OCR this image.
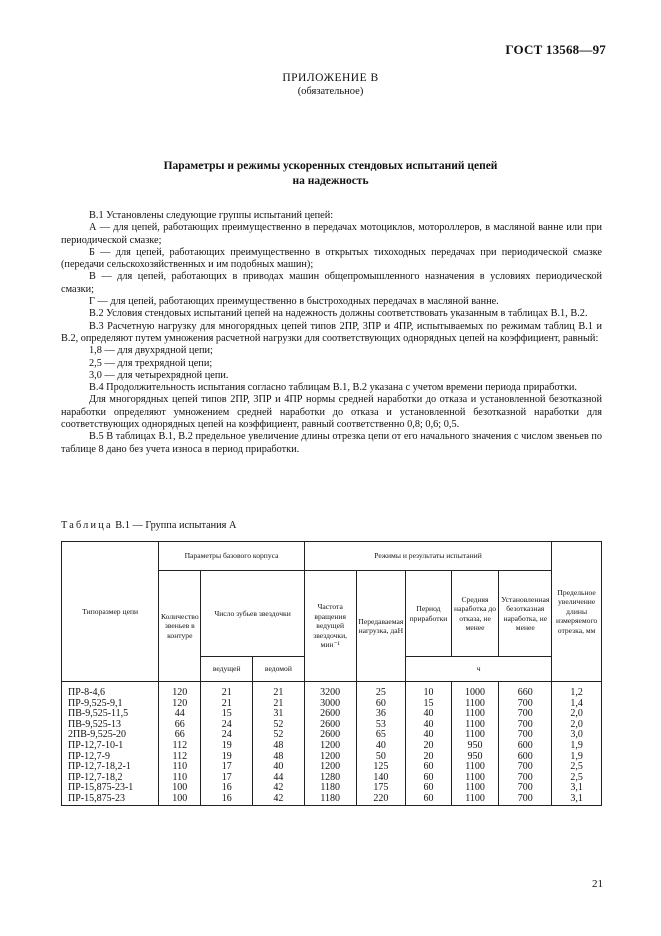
ГОСТ 13568—97
ПРИЛОЖЕНИЕ В
(обязательное)
Параметры и режимы ускоренных стендовых испытаний цепей
на надежность

В.1 Установлены следующие группы испытаний цепей:

А — для цепей, работающих преимущественно в передачах мотоциклов, мотороллеров, в масляной ванне или при периодической смазке;

Б — для цепей, работающих преимущественно в открытых тихоходных передачах при периодической смазке (передачи сельскохозяйственных и им подобных машин);

В — для цепей, работающих в приводах машин общепромышленного назначения в условиях периодической смазки;

Г — для цепей, работающих преимущественно в быстроходных передачах в масляной ванне.

В.2 Условия стендовых испытаний цепей на надежность должны соответствовать указанным в таблицах В.1, В.2.

В.3 Расчетную нагрузку для многорядных цепей типов 2ПР, 3ПР и 4ПР, испытываемых по режимам таблиц В.1 и В.2, определяют путем умножения расчетной нагрузки для соответствующих однорядных цепей на коэффициент, равный:

1,8 — для двухрядной цепи;

2,5 — для трехрядной цепи;

3,0 — для четырехрядной цепи.

В.4 Продолжительность испытания согласно таблицам В.1, В.2 указана с учетом времени периода приработки.

Для многорядных цепей типов 2ПР, 3ПР и 4ПР нормы средней наработки до отказа и установленной безотказной наработки определяют умножением средней наработки до отказа и установленной безотказной наработки для соответствующих однорядных цепей на коэффициент, равный соответственно 0,8; 0,6; 0,5.

В.5 В таблицах В.1, В.2 предельное увеличение длины отрезка цепи от его начального значения с числом звеньев по таблице 8 дано без учета износа в период приработки.

Таблица В.1 — Группа испытания А
Типоразмер цепи	Параметры базового корпуса			Режимы и результаты испытаний					Предельное увеличение длины измеряемого отрезка, мм
	Количество звеньев в контуре	Число зубьев звездочки		Частота вращения ведущей звездочки, мин⁻¹	Передаваемая нагрузка, даН	Период приработки	Средняя наработка до отказа, не менее	Установленная безотказная наработка, не менее	
		ведущей	ведомой			ч			

ПР-8-4,6	120	21	21	3200	25	10	1000	660	1,2
ПР-9,525-9,1	120	21	21	3000	60	15	1100	700	1,4
ПВ-9,525-11,5	44	15	31	2600	36	40	1100	700	2,0
ПВ-9,525-13	66	24	52	2600	53	40	1100	700	2,0
2ПВ-9,525-20	66	24	52	2600	65	40	1100	700	3,0
ПР-12,7-10-1	112	19	48	1200	40	20	950	600	1,9
ПР-12,7-9	112	19	48	1200	50	20	950	600	1,9
ПР-12,7-18,2-1	110	17	40	1200	125	60	1100	700	2,5
ПР-12,7-18,2	110	17	44	1280	140	60	1100	700	2,5
ПР-15,875-23-1	100	16	42	1180	175	60	1100	700	3,1
ПР-15,875-23	100	16	42	1180	220	60	1100	700	3,1
21
